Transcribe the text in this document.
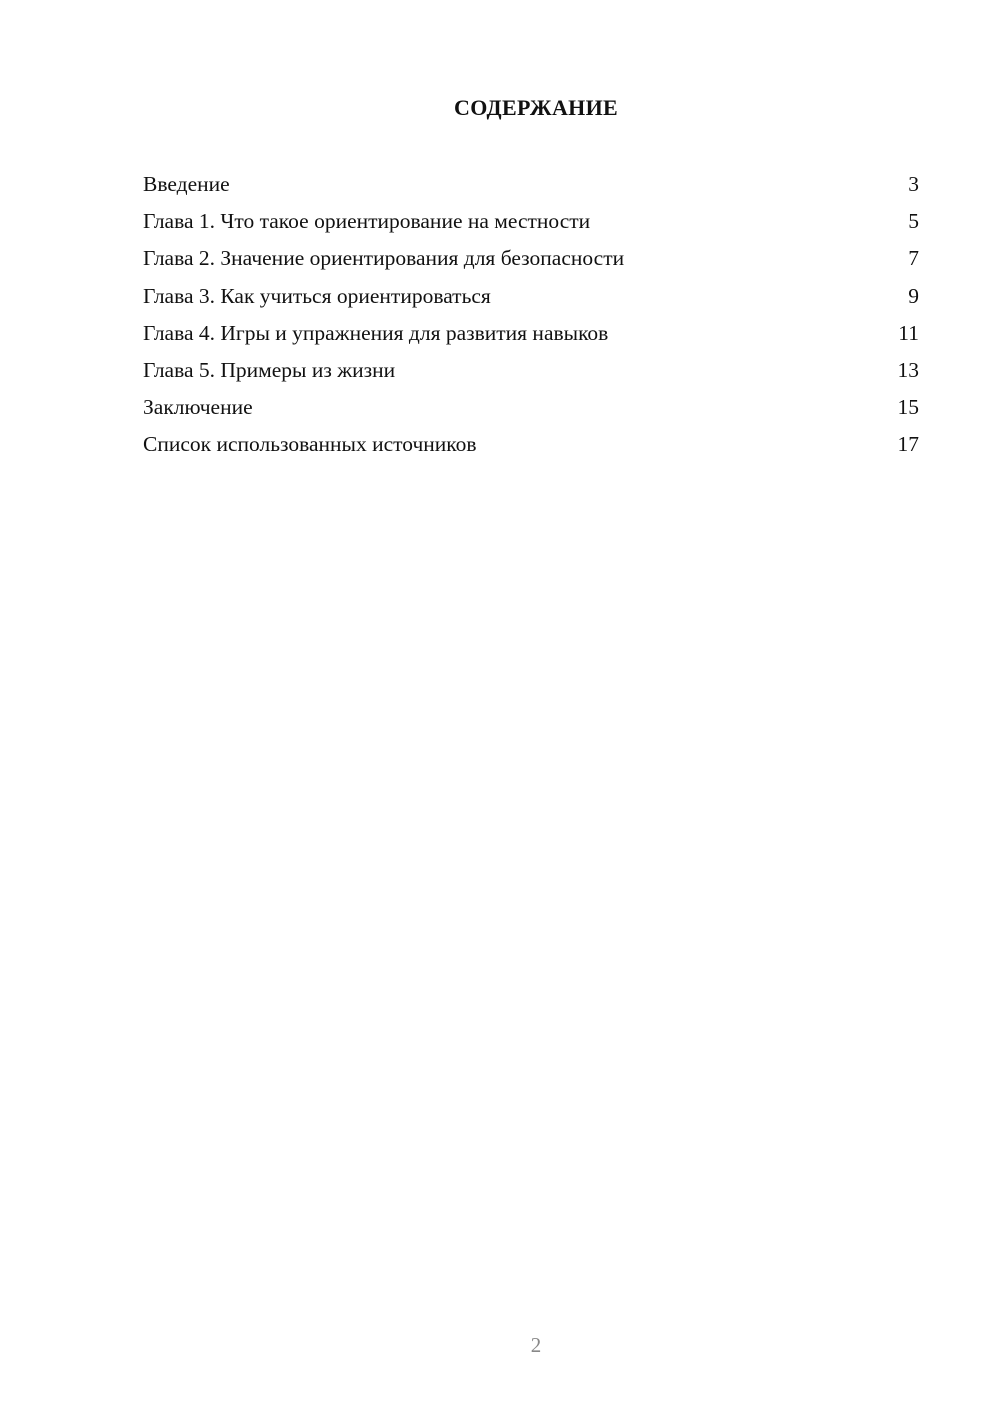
СОДЕРЖАНИЕ
Введение	3
Глава 1. Что такое ориентирование на местности	5
Глава 2. Значение ориентирования для безопасности	7
Глава 3. Как учиться ориентироваться	9
Глава 4. Игры и упражнения для развития навыков	11
Глава 5. Примеры из жизни	13
Заключение	15
Список использованных источников	17
2
